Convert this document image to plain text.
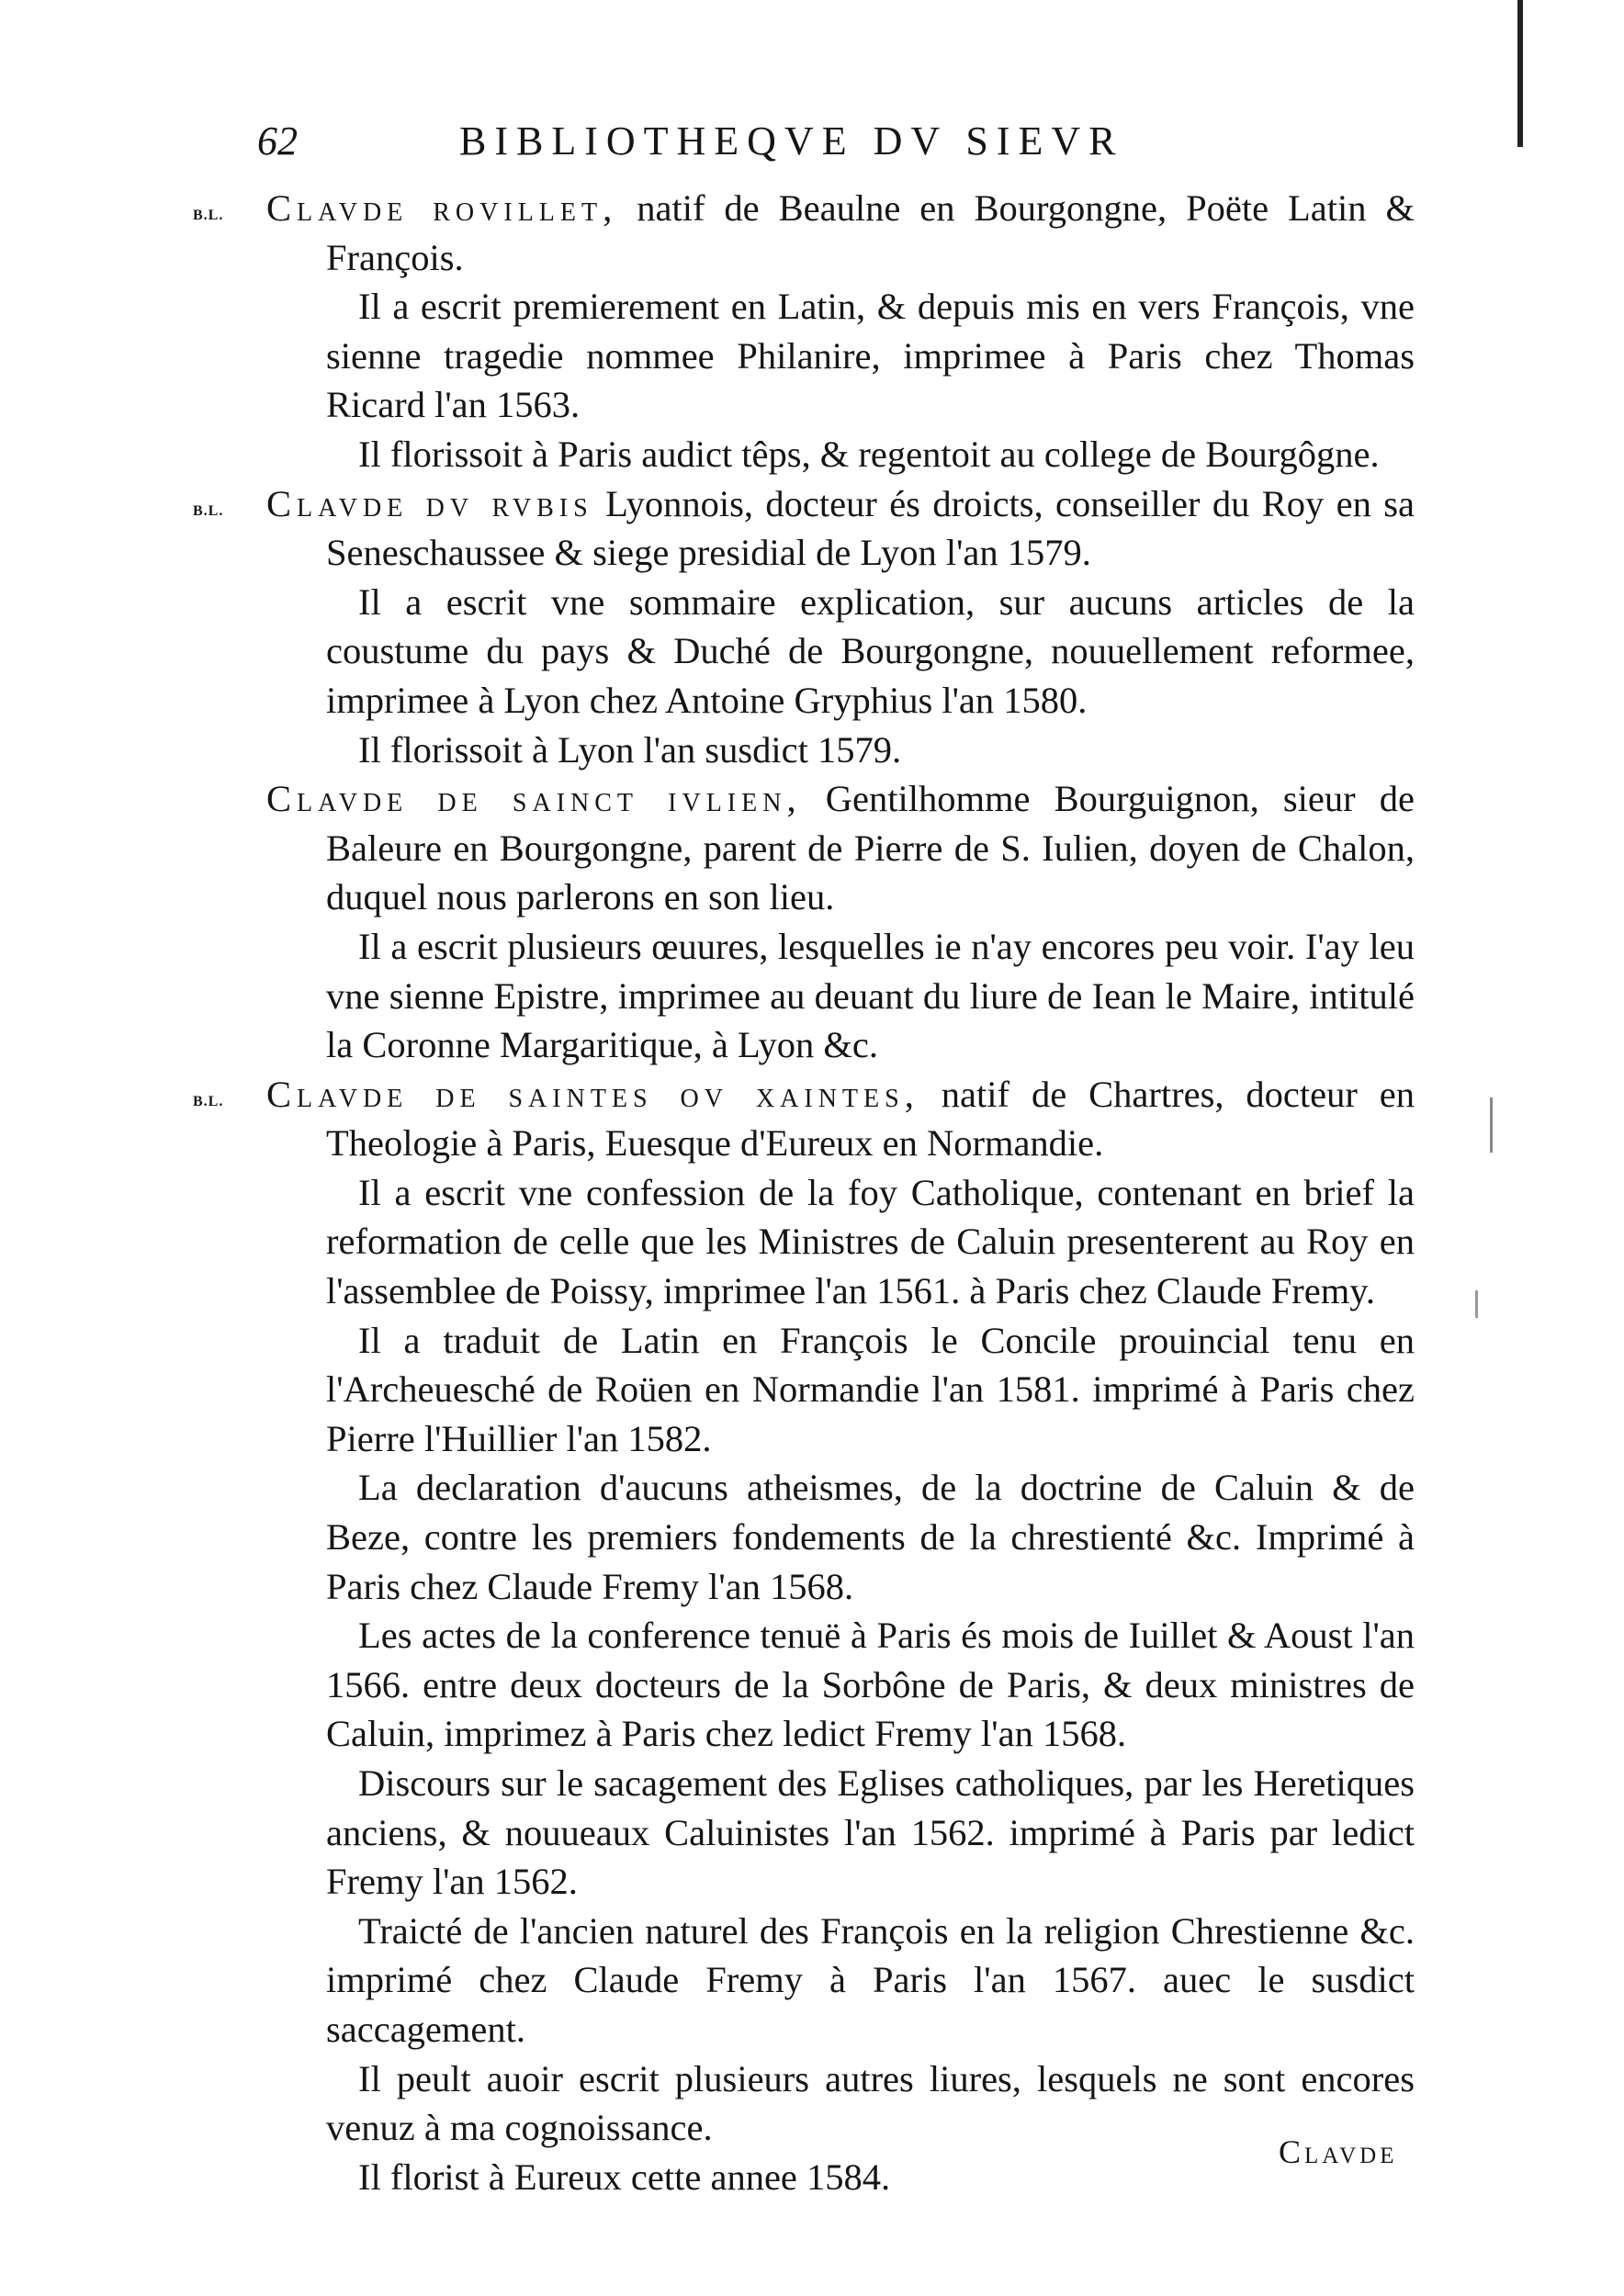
62	BIBLIOTHEQVE DV SIEVR

B.L. Clavde rovillet, natif de Beaulne en Bourgongne, Poëte Latin & François.

Il a escrit premierement en Latin, & depuis mis en vers François, vne sienne tragedie nommee Philanire, imprimee à Paris chez Thomas Ricard l'an 1563.

Il florissoit à Paris audict têps, & regentoit au college de Bourgôgne.

B.L. Clavde dv rvbis Lyonnois, docteur és droicts, conseiller du Roy en sa Seneschaussee & siege presidial de Lyon l'an 1579.

Il a escrit vne sommaire explication, sur aucuns articles de la coustume du pays & Duché de Bourgongne, nouuellement reformee, imprimee à Lyon chez Antoine Gryphius l'an 1580.

Il florissoit à Lyon l'an susdict 1579.

Clavde de sainct ivlien, Gentilhomme Bourguignon, sieur de Baleure en Bourgongne, parent de Pierre de S. Iulien, doyen de Chalon, duquel nous parlerons en son lieu.

Il a escrit plusieurs œuures, lesquelles ie n'ay encores peu voir. I'ay leu vne sienne Epistre, imprimee au deuant du liure de Iean le Maire, intitulé la Coronne Margaritique, à Lyon &c.

B.L. Clavde de saintes ov xaintes, natif de Chartres, docteur en Theologie à Paris, Euesque d'Eureux en Normandie.

Il a escrit vne confession de la foy Catholique, contenant en brief la reformation de celle que les Ministres de Caluin presenterent au Roy en l'assemblee de Poissy, imprimee l'an 1561. à Paris chez Claude Fremy.

Il a traduit de Latin en François le Concile prouincial tenu en l'Archeuesché de Roüen en Normandie l'an 1581. imprimé à Paris chez Pierre l'Huillier l'an 1582.

La declaration d'aucuns atheismes, de la doctrine de Caluin & de Beze, contre les premiers fondements de la chrestienté &c. Imprimé à Paris chez Claude Fremy l'an 1568.

Les actes de la conference tenuë à Paris és mois de Iuillet & Aoust l'an 1566. entre deux docteurs de la Sorbône de Paris, & deux ministres de Caluin, imprimez à Paris chez ledict Fremy l'an 1568.

Discours sur le sacagement des Eglises catholiques, par les Heretiques anciens, & nouueaux Caluinistes l'an 1562. imprimé à Paris par ledict Fremy l'an 1562.

Traicté de l'ancien naturel des François en la religion Chrestienne &c. imprimé chez Claude Fremy à Paris l'an 1567. auec le susdict saccagement.

Il peult auoir escrit plusieurs autres liures, lesquels ne sont encores venuz à ma cognoissance.

Il florist à Eureux cette annee 1584.

Clavde
